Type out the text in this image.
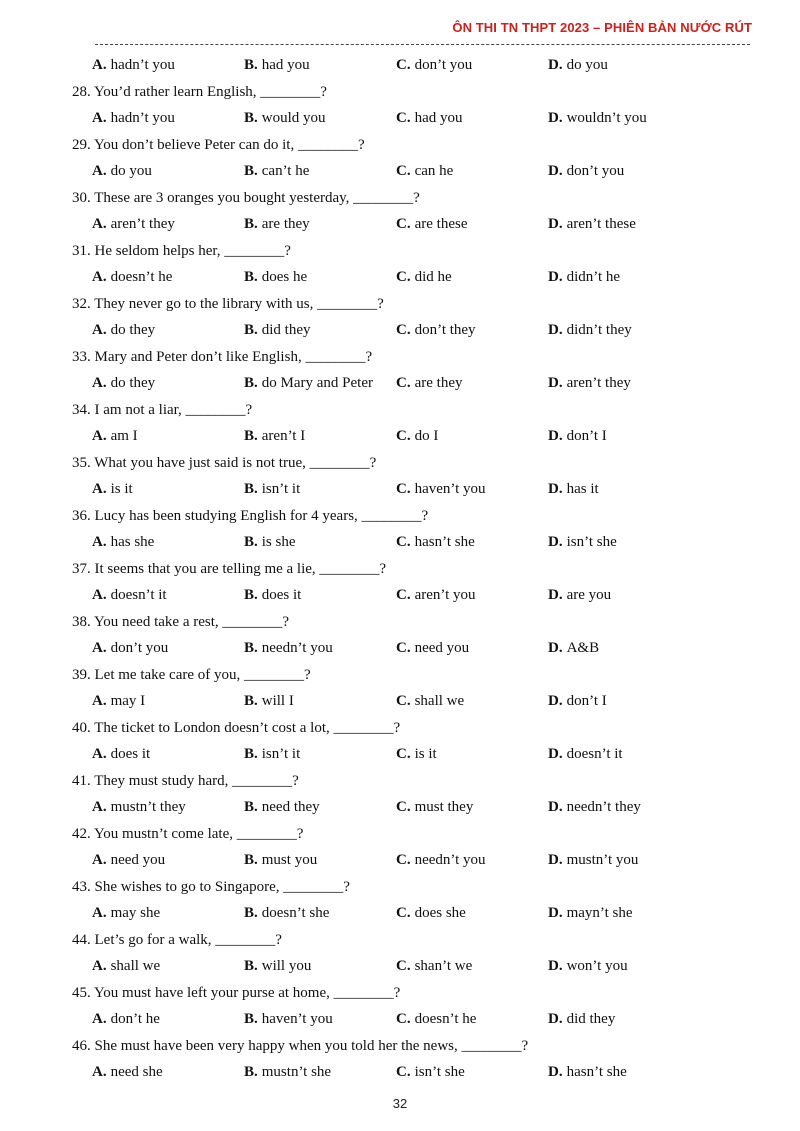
ÔN THI TN THPT 2023 – PHIÊN BẢN NƯỚC RÚT
A. hadn’t you	B. had you	C. don’t you	D. do you
28. You’d rather learn English, ________?
A. hadn’t you	B. would you	C. had you	D. wouldn’t you
29. You don’t believe Peter can do it, ________?
A. do you	B. can’t he	C. can he	D. don’t you
30. These are 3 oranges you bought yesterday, ________?
A. aren’t they	B. are they	C. are these	D. aren’t these
31. He seldom helps her, ________?
A. doesn’t he	B. does he	C. did he	D. didn’t he
32. They never go to the library with us, ________?
A. do they	B. did they	C. don’t they	D. didn’t they
33. Mary and Peter don’t like English, ________?
A. do they	B. do Mary and Peter C. are they	D. aren’t they
34. I am not a liar, ________?
A. am I	B. aren’t I	C. do I	D. don’t I
35. What you have just said is not true, ________?
A. is it	B. isn’t it	C. haven’t you	D. has it
36. Lucy has been studying English for 4 years, ________?
A. has she	B. is she	C. hasn’t she	D. isn’t she
37. It seems that you are telling me a lie, ________?
A. doesn’t it	B. does it	C. aren’t you	D. are you
38. You need take a rest, ________?
A. don’t you	B. needn’t you	C. need you	D. A&B
39. Let me take care of you, ________?
A. may I	B. will I	C. shall we	D. don’t I
40. The ticket to London doesn’t cost a lot, ________?
A. does it	B. isn’t it	C. is it	D. doesn’t it
41. They must study hard, ________?
A. mustn’t they	B. need they	C. must they	D. needn’t they
42. You mustn’t come late, ________?
A. need you	B. must you	C. needn’t you	D. mustn’t you
43. She wishes to go to Singapore, ________?
A. may she	B. doesn’t she	C. does she	D. mayn’t she
44. Let’s go for a walk, ________?
A. shall we	B. will you	C. shan’t we	D. won’t you
45. You must have left your purse at home, ________?
A. don’t he	B. haven’t you	C. doesn’t he	D. did they
46. She must have been very happy when you told her the news, ________?
A. need she	B. mustn’t she	C. isn’t she	D. hasn’t she
32
